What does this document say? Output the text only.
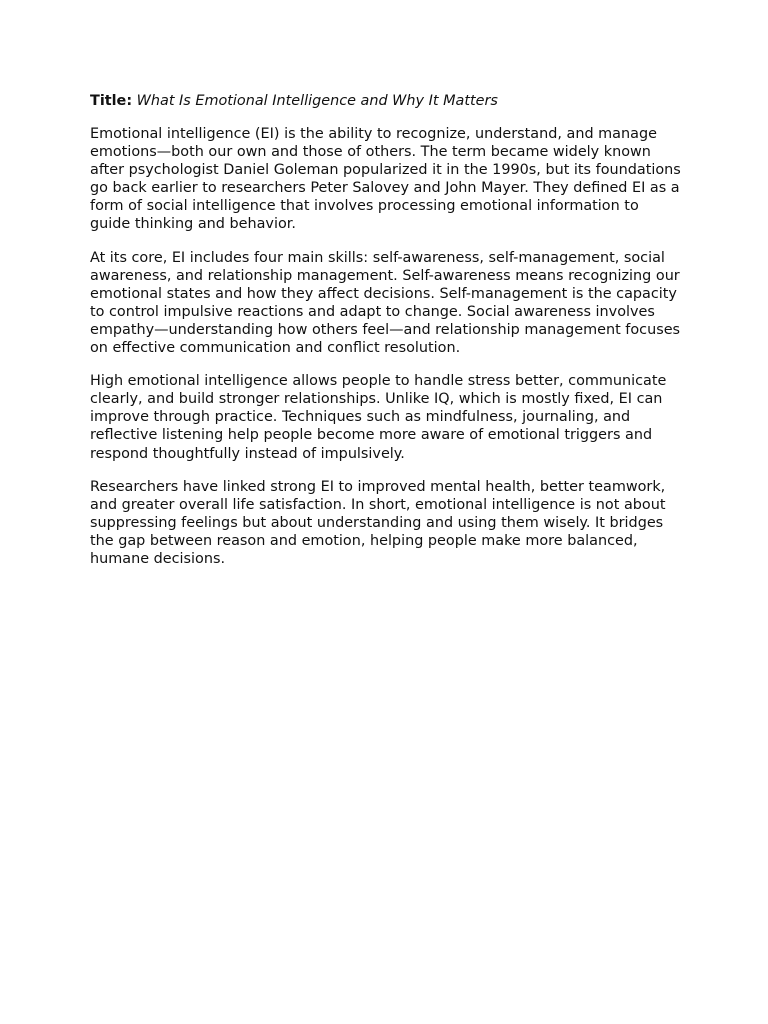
Title: What Is Emotional Intelligence and Why It Matters

Emotional intelligence (EI) is the ability to recognize, understand, and manage emotions—both our own and those of others. The term became widely known after psychologist Daniel Goleman popularized it in the 1990s, but its foundations go back earlier to researchers Peter Salovey and John Mayer. They defined EI as a form of social intelligence that involves processing emotional information to guide thinking and behavior.

At its core, EI includes four main skills: self-awareness, self-management, social awareness, and relationship management. Self-awareness means recognizing our emotional states and how they affect decisions. Self-management is the capacity to control impulsive reactions and adapt to change. Social awareness involves empathy—understanding how others feel—and relationship management focuses on effective communication and conflict resolution.

High emotional intelligence allows people to handle stress better, communicate clearly, and build stronger relationships. Unlike IQ, which is mostly fixed, EI can improve through practice. Techniques such as mindfulness, journaling, and reflective listening help people become more aware of emotional triggers and respond thoughtfully instead of impulsively.

Researchers have linked strong EI to improved mental health, better teamwork, and greater overall life satisfaction. In short, emotional intelligence is not about suppressing feelings but about understanding and using them wisely. It bridges the gap between reason and emotion, helping people make more balanced, humane decisions.
